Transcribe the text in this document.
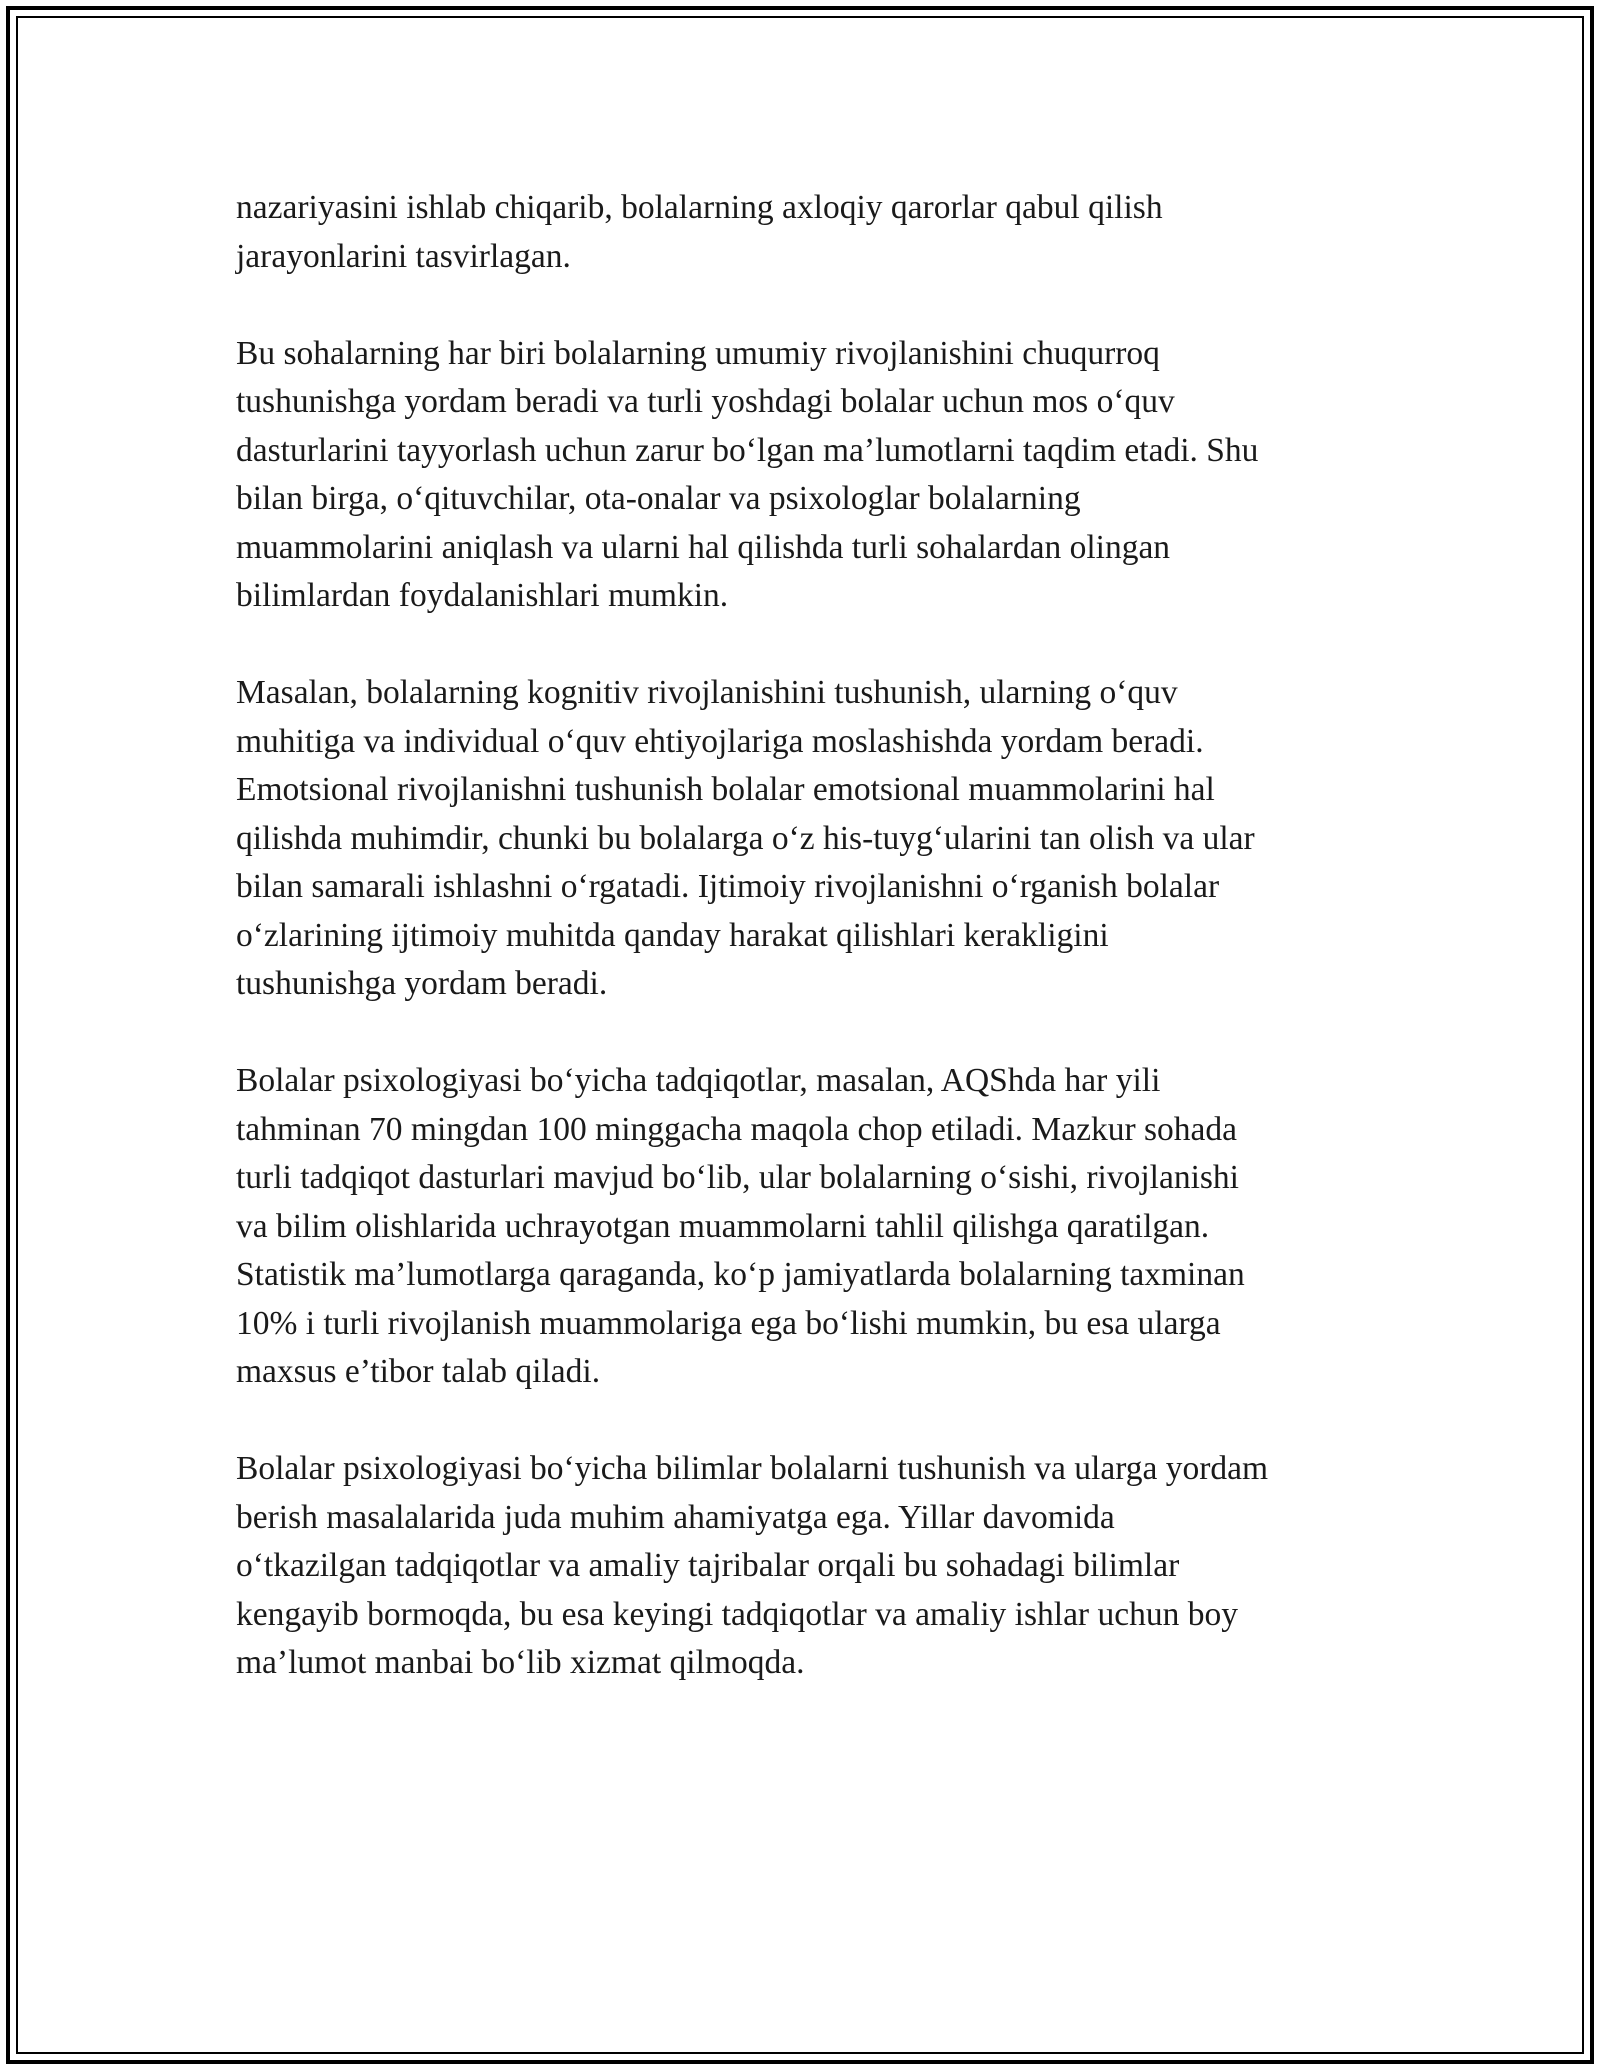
nazariyasini ishlab chiqarib, bolalarning axloqiy qarorlar qabul qilish
jarayonlarini tasvirlagan.

Bu sohalarning har biri bolalarning umumiy rivojlanishini chuqurroq
tushunishga yordam beradi va turli yoshdagi bolalar uchun mos o‘quv
dasturlarini tayyorlash uchun zarur bo‘lgan ma’lumotlarni taqdim etadi. Shu
bilan birga, o‘qituvchilar, ota-onalar va psixologlar bolalarning
muammolarini aniqlash va ularni hal qilishda turli sohalardan olingan
bilimlardan foydalanishlari mumkin.

Masalan, bolalarning kognitiv rivojlanishini tushunish, ularning o‘quv
muhitiga va individual o‘quv ehtiyojlariga moslashishda yordam beradi.
Emotsional rivojlanishni tushunish bolalar emotsional muammolarini hal
qilishda muhimdir, chunki bu bolalarga o‘z his-tuyg‘ularini tan olish va ular
bilan samarali ishlashni o‘rgatadi. Ijtimoiy rivojlanishni o‘rganish bolalar
o‘zlarining ijtimoiy muhitda qanday harakat qilishlari kerakligini
tushunishga yordam beradi.

Bolalar psixologiyasi bo‘yicha tadqiqotlar, masalan, AQShda har yili
tahminan 70 mingdan 100 minggacha maqola chop etiladi. Mazkur sohada
turli tadqiqot dasturlari mavjud bo‘lib, ular bolalarning o‘sishi, rivojlanishi
va bilim olishlarida uchrayotgan muammolarni tahlil qilishga qaratilgan.
Statistik ma’lumotlarga qaraganda, ko‘p jamiyatlarda bolalarning taxminan
10% i turli rivojlanish muammolariga ega bo‘lishi mumkin, bu esa ularga
maxsus e’tibor talab qiladi.

Bolalar psixologiyasi bo‘yicha bilimlar bolalarni tushunish va ularga yordam
berish masalalarida juda muhim ahamiyatga ega. Yillar davomida
o‘tkazilgan tadqiqotlar va amaliy tajribalar orqali bu sohadagi bilimlar
kengayib bormoqda, bu esa keyingi tadqiqotlar va amaliy ishlar uchun boy
ma’lumot manbai bo‘lib xizmat qilmoqda.
